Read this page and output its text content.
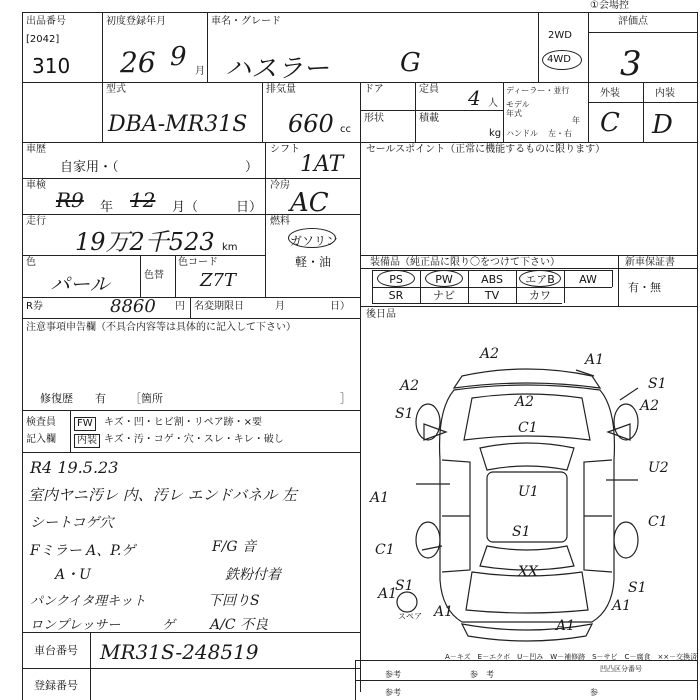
①会場控
出品番号
[2042]
310
初度登録年月
26 9 月
車名・グレード
ハスラー	G
2WD
4WD
評価点
3
型式
DBA-MR31S
排気量
660 cc
ドア
形状
定員 4 人
積載
kg
ディーラー・並行
モデル年式
年
ハンドル 左・右
外装	内装
C D
車歴
自家用・（	）
シフト
1AT
車検
R9 年 12 月（	日）
冷房
AC
走行
19万2千523 km
燃料
ガソリン
軽・油
色
パール	色替
色コード
Z7T
R券	8860 円 名変期限日	月	日）
注意事項申告欄（不具合内容等は具体的に記入して下さい）
修復歴 有 ［箇所	］
検査員
記入欄
FW	キズ・凹・ヒビ割・リペア跡・×要
内装 キズ・汚・コゲ・穴・スレ・キレ・破し
R4 19.5.23
室内ヤニ汚レ 内、汚レ エンドバネル 左
シートコゲ穴
Fミラー A、P.ゲ
A・U
パンクイタ理キット
ロンプレッサー	ゲ
F/G 音
鉄粉付着
下回りS
A/C 不良
セールスポイント（正常に機能するものに限ります）
装備品（純正品に限り〇をつけて下さい）	新車保証書
有・無
PS	PW	ABS	エアB	AW
SR	ナビ	TV	カワ
後日品
A2	A1
A2
S1
A2
C1
S1
A2
U2
A1	U1
C1
C1
S1
XX
S1
A1
A1
A1
S1
A1
スペア
車台番号 MR31S-248519
登録番号
A－キズ　E－エクボ　U－凹み　W－補修跡　S－サビ　C－腐食　××－交換済
凹凸区分番号
参考	参　考
参考	参
